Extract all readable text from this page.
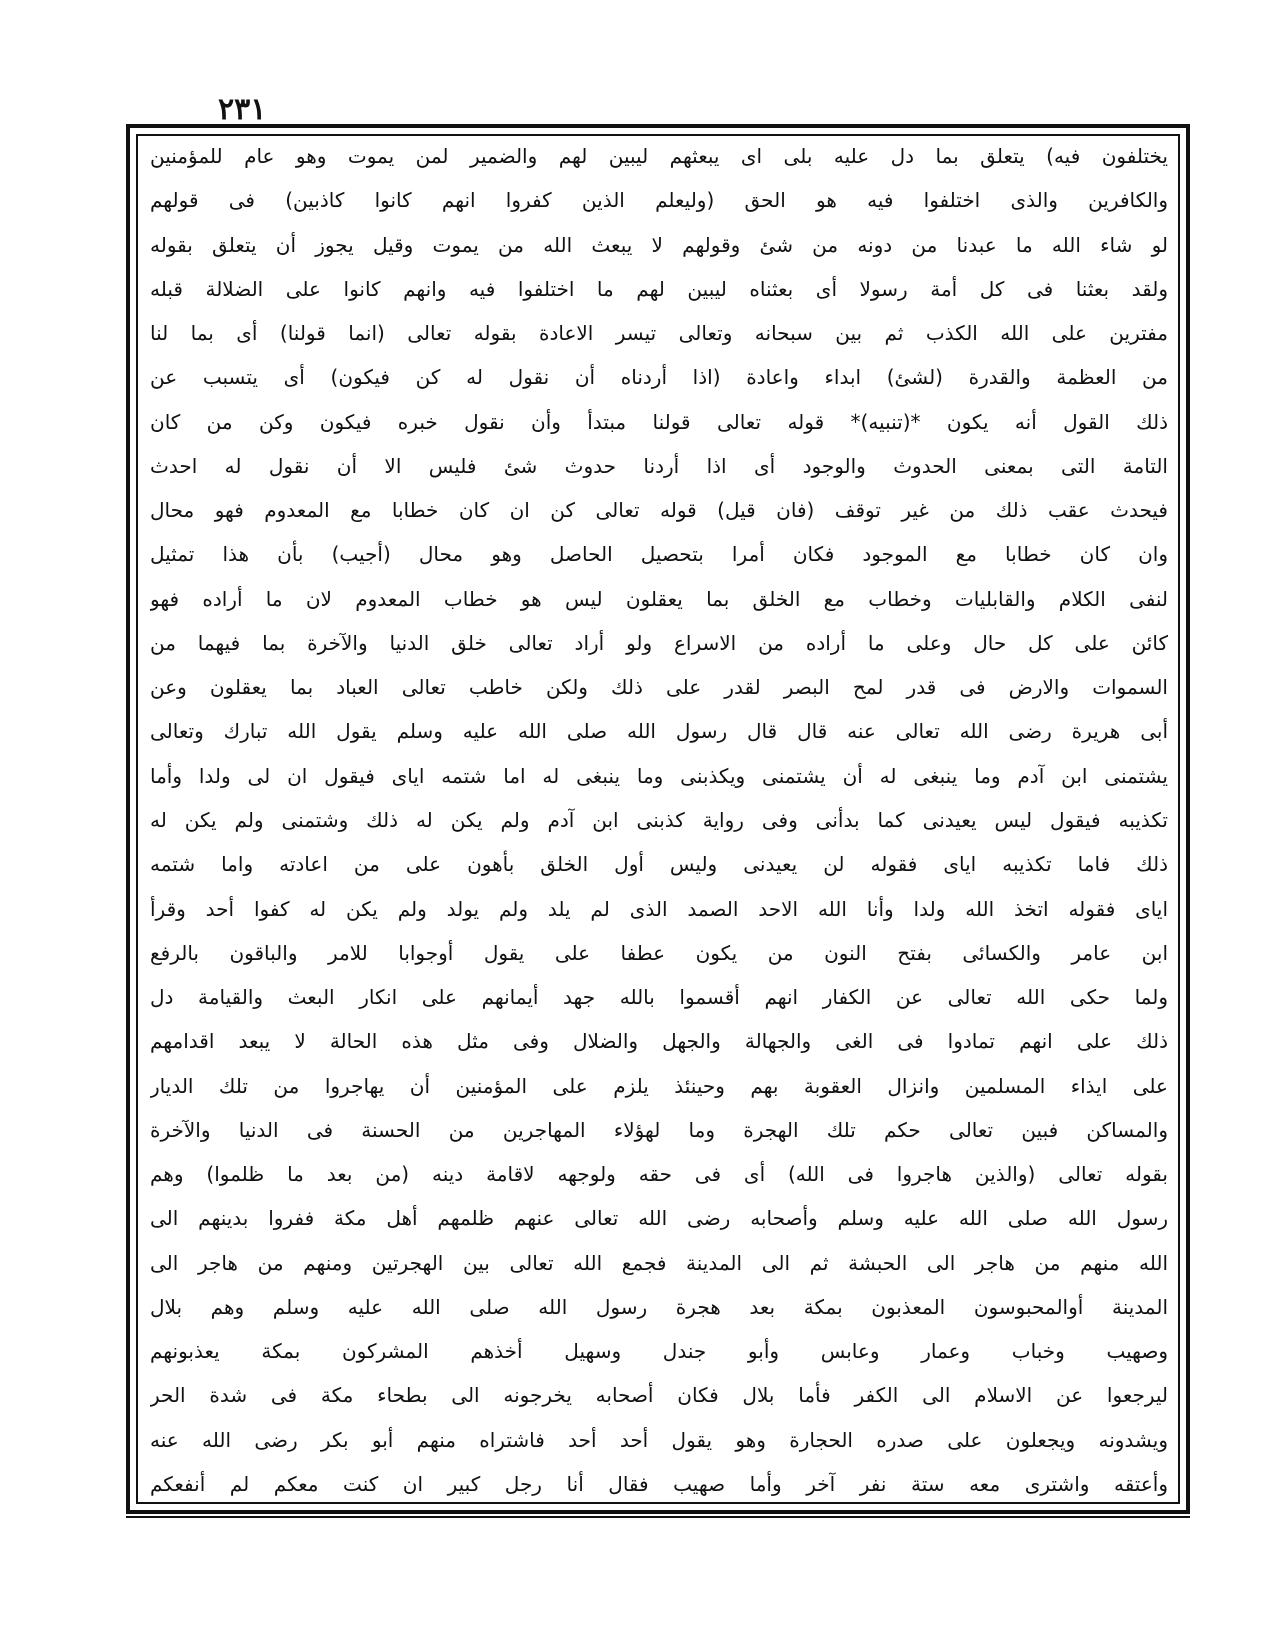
٢٣١
يختلفون فيه) يتعلق بما دل عليه بلى اى يبعثهم ليبين لهم والضمير لمن يموت وهو عام للمؤمنين
والكافرين والذى اختلفوا فيه هو الحق (وليعلم الذين كفروا انهم كانوا كاذبين) فى قولهم
لو شاء الله ما عبدنا من دونه من شئ وقولهم لا يبعث الله من يموت وقيل يجوز أن يتعلق بقوله
ولقد بعثنا فى كل أمة رسولا أى بعثناه ليبين لهم ما اختلفوا فيه وانهم كانوا على الضلالة قبله
مفترين على الله الكذب ثم بين سبحانه وتعالى تيسر الاعادة بقوله تعالى (انما قولنا) أى بما لنا
من العظمة والقدرة (لشئ) ابداء واعادة (اذا أردناه أن نقول له كن فيكون) أى يتسبب عن
ذلك القول أنه يكون *(تنبيه)* قوله تعالى قولنا مبتدأ وأن نقول خبره فيكون وكن من كان
التامة التى بمعنى الحدوث والوجود أى اذا أردنا حدوث شئ فليس الا أن نقول له احدث
فيحدث عقب ذلك من غير توقف (فان قيل) قوله تعالى كن ان كان خطابا مع المعدوم فهو محال
وان كان خطابا مع الموجود فكان أمرا بتحصيل الحاصل وهو محال (أجيب) بأن هذا تمثيل
لنفى الكلام والقابليات وخطاب مع الخلق بما يعقلون ليس هو خطاب المعدوم لان ما أراده فهو
كائن على كل حال وعلى ما أراده من الاسراع ولو أراد تعالى خلق الدنيا والآخرة بما فيهما من
السموات والارض فى قدر لمح البصر لقدر على ذلك ولكن خاطب تعالى العباد بما يعقلون وعن
أبى هريرة رضى الله تعالى عنه قال قال رسول الله صلى الله عليه وسلم يقول الله تبارك وتعالى
يشتمنى ابن آدم وما ينبغى له أن يشتمنى ويكذبنى وما ينبغى له اما شتمه اياى فيقول ان لى ولدا وأما
تكذيبه فيقول ليس يعيدنى كما بدأنى وفى رواية كذبنى ابن آدم ولم يكن له ذلك وشتمنى ولم يكن له
ذلك فاما تكذيبه اياى فقوله لن يعيدنى وليس أول الخلق بأهون على من اعادته واما شتمه
اياى فقوله اتخذ الله ولدا وأنا الله الاحد الصمد الذى لم يلد ولم يولد ولم يكن له كفوا أحد وقرأ
ابن عامر والكسائى بفتح النون من يكون عطفا على يقول أوجوابا للامر والباقون بالرفع
ولما حكى الله تعالى عن الكفار انهم أقسموا بالله جهد أيمانهم على انكار البعث والقيامة دل
ذلك على انهم تمادوا فى الغى والجهالة والجهل والضلال وفى مثل هذه الحالة لا يبعد اقدامهم
على ايذاء المسلمين وانزال العقوبة بهم وحينئذ يلزم على المؤمنين أن يهاجروا من تلك الديار
والمساكن فبين تعالى حكم تلك الهجرة وما لهؤلاء المهاجرين من الحسنة فى الدنيا والآخرة
بقوله تعالى (والذين هاجروا فى الله) أى فى حقه ولوجهه لاقامة دينه (من بعد ما ظلموا) وهم
رسول الله صلى الله عليه وسلم وأصحابه رضى الله تعالى عنهم ظلمهم أهل مكة ففروا بدينهم الى
الله منهم من هاجر الى الحبشة ثم الى المدينة فجمع الله تعالى بين الهجرتين ومنهم من هاجر الى
المدينة أوالمحبوسون المعذبون بمكة بعد هجرة رسول الله صلى الله عليه وسلم وهم بلال
وصهيب وخباب وعمار وعابس وأبو جندل وسهيل أخذهم المشركون بمكة يعذبونهم
ليرجعوا عن الاسلام الى الكفر فأما بلال فكان أصحابه يخرجونه الى بطحاء مكة فى شدة الحر
ويشدونه ويجعلون على صدره الحجارة وهو يقول أحد أحد فاشتراه منهم أبو بكر رضى الله عنه
وأعتقه واشترى معه ستة نفر آخر وأما صهيب فقال أنا رجل كبير ان كنت معكم لم أنفعكم
